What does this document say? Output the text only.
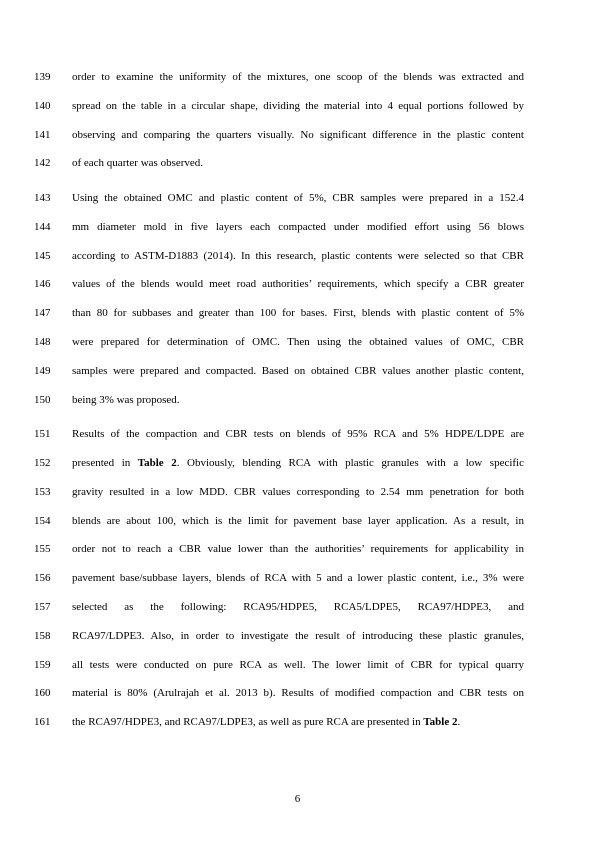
139	order to examine the uniformity of the mixtures, one scoop of the blends was extracted and
140	spread on the table in a circular shape, dividing the material into 4 equal portions followed by
141	observing and comparing the quarters visually. No significant difference in the plastic content
142	of each quarter was observed.
143	Using the obtained OMC and plastic content of 5%, CBR samples were prepared in a 152.4
144	mm diameter mold in five layers each compacted under modified effort using 56 blows
145	according to ASTM-D1883 (2014). In this research, plastic contents were selected so that CBR
146	values of the blends would meet road authorities’ requirements, which specify a CBR greater
147	than 80 for subbases and greater than 100 for bases. First, blends with plastic content of 5%
148	were prepared for determination of OMC. Then using the obtained values of OMC, CBR
149	samples were prepared and compacted. Based on obtained CBR values another plastic content,
150	being 3% was proposed.
151	Results of the compaction and CBR tests on blends of 95% RCA and 5% HDPE/LDPE are
152	presented in Table 2. Obviously, blending RCA with plastic granules with a low specific
153	gravity resulted in a low MDD. CBR values corresponding to 2.54 mm penetration for both
154	blends are about 100, which is the limit for pavement base layer application. As a result, in
155	order not to reach a CBR value lower than the authorities’ requirements for applicability in
156	pavement base/subbase layers, blends of RCA with 5 and a lower plastic content, i.e., 3% were
157	selected as the following: RCA95/HDPE5, RCA5/LDPE5, RCA97/HDPE3, and
158	RCA97/LDPE3. Also, in order to investigate the result of introducing these plastic granules,
159	all tests were conducted on pure RCA as well. The lower limit of CBR for typical quarry
160	material is 80% (Arulrajah et al. 2013 b). Results of modified compaction and CBR tests on
161	the RCA97/HDPE3, and RCA97/LDPE3, as well as pure RCA are presented in Table 2.
6
